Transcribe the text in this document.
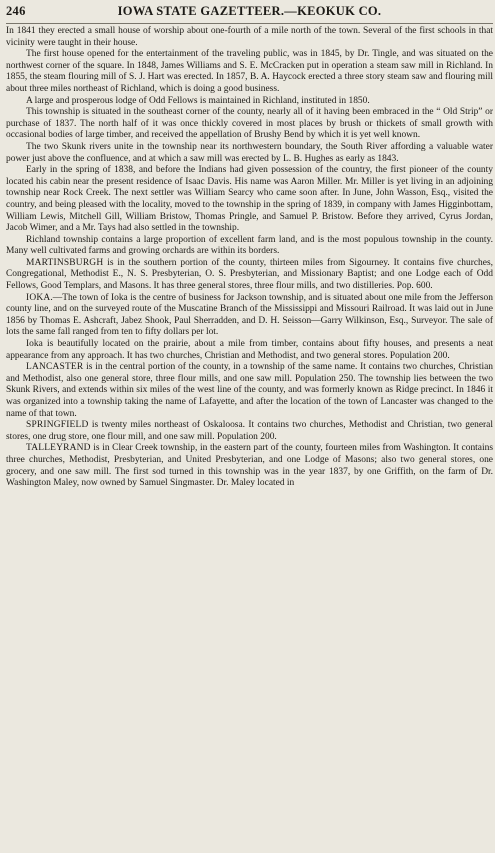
246	IOWA STATE GAZETTEER.—KEOKUK CO.

In 1841 they erected a small house of worship about one-fourth of a mile north of the town. Several of the first schools in that vicinity were taught in their house.

The first house opened for the entertainment of the traveling public, was in 1845, by Dr. Tingle, and was situated on the northwest corner of the square. In 1848, James Williams and S. E. McCracken put in operation a steam saw mill in Richland. In 1855, the steam flouring mill of S. J. Hart was erected. In 1857, B. A. Haycock erected a three story steam saw and flouring mill about three miles northeast of Richland, which is doing a good business.

A large and prosperous lodge of Odd Fellows is maintained in Richland, instituted in 1850.

This township is situated in the southeast corner of the county, nearly all of it having been embraced in the “ Old Strip” or purchase of 1837. The north half of it was once thickly covered in most places by brush or thickets of small growth with occasional bodies of large timber, and received the appellation of Brushy Bend by which it is yet well known.

The two Skunk rivers unite in the township near its northwestern boundary, the South River affording a valuable water power just above the confluence, and at which a saw mill was erected by L. B. Hughes as early as 1843.

Early in the spring of 1838, and before the Indians had given possession of the country, the first pioneer of the county located his cabin near the present residence of Isaac Davis. His name was Aaron Miller. Mr. Miller is yet living in an adjoining township near Rock Creek. The next settler was William Searcy who came soon after. In June, John Wasson, Esq., visited the country, and being pleased with the locality, moved to the township in the spring of 1839, in company with James Higginbottam, William Lewis, Mitchell Gill, William Bristow, Thomas Pringle, and Samuel P. Bristow. Before they arrived, Cyrus Jordan, Jacob Wimer, and a Mr. Tays had also settled in the township.

Richland township contains a large proportion of excellent farm land, and is the most populous township in the county. Many well cultivated farms and growing orchards are within its borders.

MARTINSBURGH is in the southern portion of the county, thirteen miles from Sigourney. It contains five churches, Congregational, Methodist E., N. S. Presbyterian, O. S. Presbyterian, and Missionary Baptist; and one Lodge each of Odd Fellows, Good Templars, and Masons. It has three general stores, three flour mills, and two distilleries. Pop. 600.

IOKA.—The town of Ioka is the centre of business for Jackson township, and is situated about one mile from the Jefferson county line, and on the surveyed route of the Muscatine Branch of the Mississippi and Missouri Railroad. It was laid out in June 1856 by Thomas E. Ashcraft, Jabez Shook, Paul Sherradden, and D. H. Seisson—Garry Wilkinson, Esq., Surveyor. The sale of lots the same fall ranged from ten to fifty dollars per lot.

Ioka is beautifully located on the prairie, about a mile from timber, contains about fifty houses, and presents a neat appearance from any approach. It has two churches, Christian and Methodist, and two general stores. Population 200.

LANCASTER is in the central portion of the county, in a township of the same name. It contains two churches, Christian and Methodist, also one general store, three flour mills, and one saw mill. Population 250. The township lies between the two Skunk Rivers, and extends within six miles of the west line of the county, and was formerly known as Ridge precinct. In 1846 it was organized into a township taking the name of Lafayette, and after the location of the town of Lancaster was changed to the name of that town.

SPRINGFIELD is twenty miles northeast of Oskaloosa. It contains two churches, Methodist and Christian, two general stores, one drug store, one flour mill, and one saw mill. Population 200.

TALLEYRAND is in Clear Creek township, in the eastern part of the county, fourteen miles from Washington. It contains three churches, Methodist, Presbyterian, and United Presbyterian, and one Lodge of Masons; also two general stores, one grocery, and one saw mill. The first sod turned in this township was in the year 1837, by one Griffith, on the farm of Dr. Washington Maley, now owned by Samuel Singmaster. Dr. Maley located in
